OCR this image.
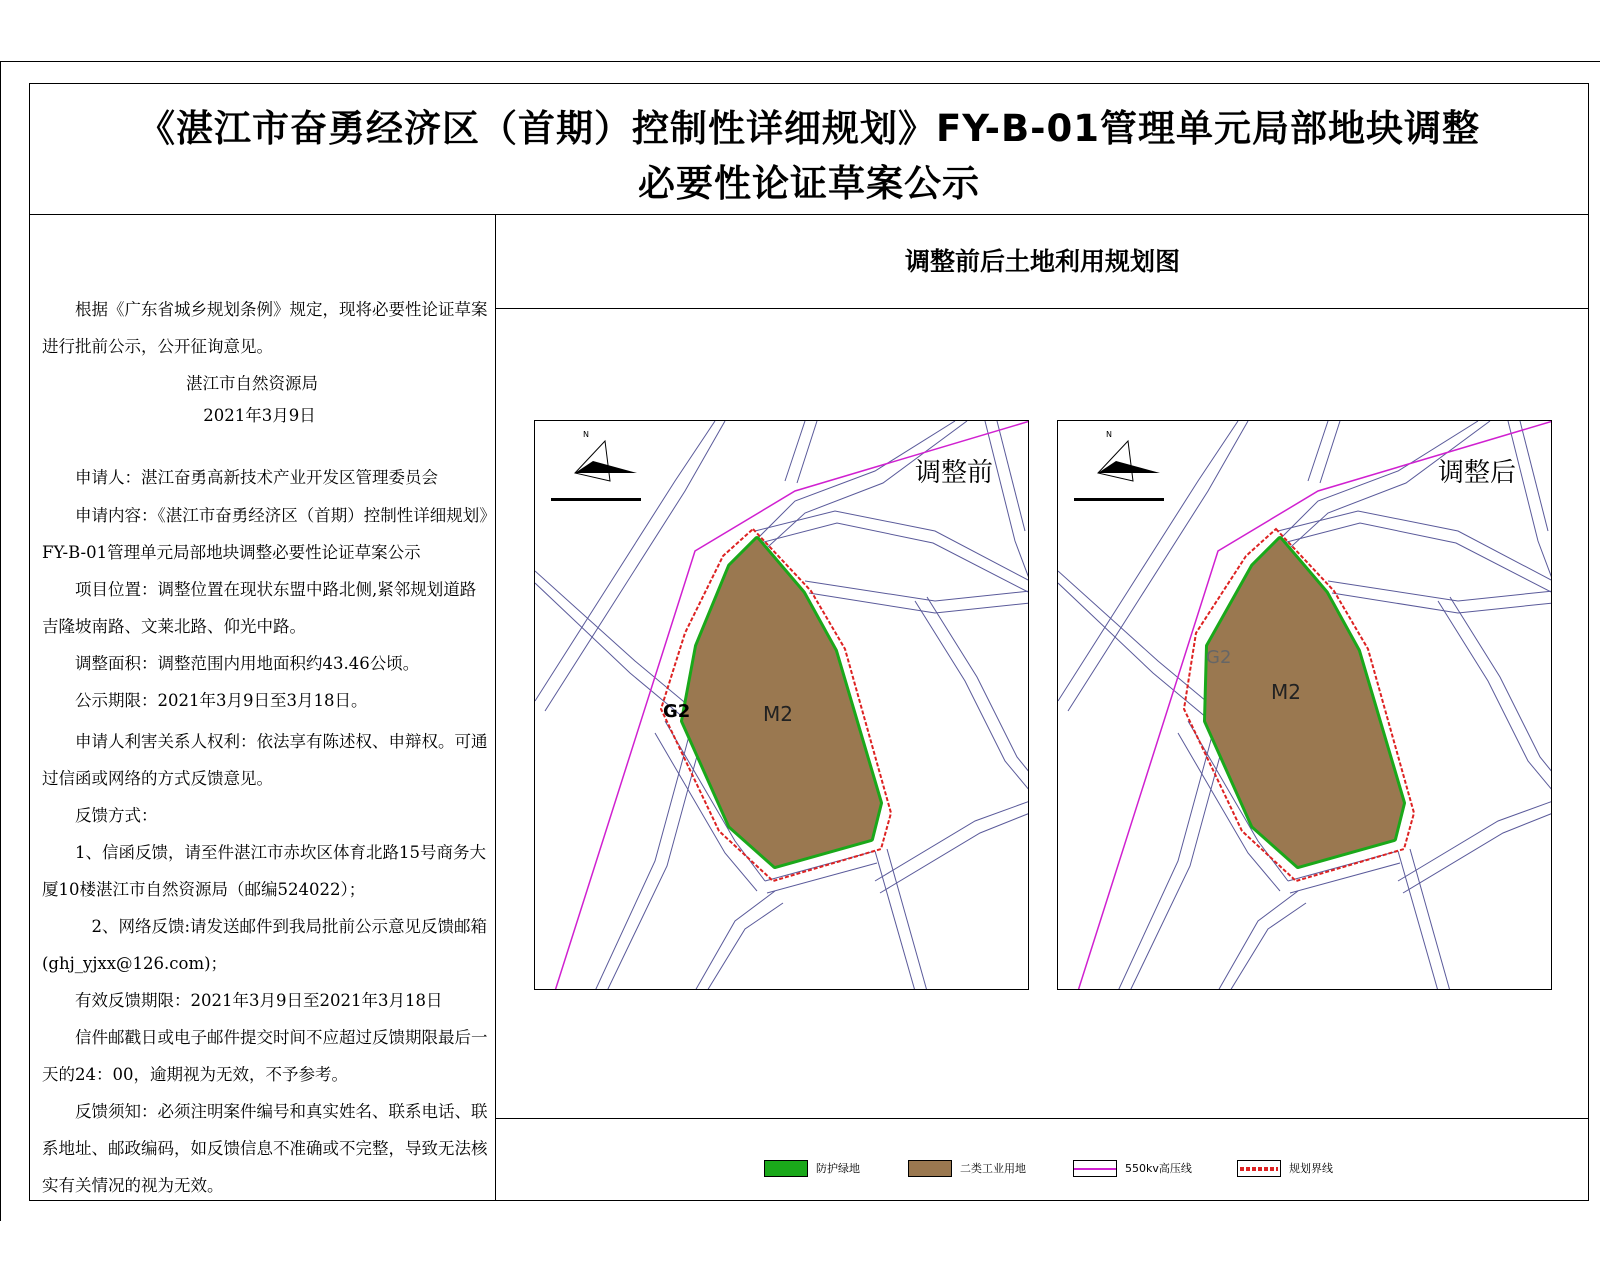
《湛江市奋勇经济区（首期）控制性详细规划》FY-B-01管理单元局部地块调整
必要性论证草案公示
根据《广东省城乡规划条例》规定，现将必要性论证草案进行批前公示，公开征询意见。
湛江市自然资源局
2021年3月9日
申请人：湛江奋勇高新技术产业开发区管理委员会
申请内容：《湛江市奋勇经济区（首期）控制性详细规划》FY-B-01管理单元局部地块调整必要性论证草案公示
项目位置：调整位置在现状东盟中路北侧,紧邻规划道路吉隆坡南路、文莱北路、仰光中路。
调整面积：调整范围内用地面积约43.46公顷。
公示期限：2021年3月9日至3月18日。
申请人利害关系人权利：依法享有陈述权、申辩权。可通过信函或网络的方式反馈意见。
反馈方式：
1、信函反馈，请至件湛江市赤坎区体育北路15号商务大厦10楼湛江市自然资源局（邮编524022）；
2、网络反馈:请发送邮件到我局批前公示意见反馈邮箱(ghj_yjxx@126.com)；
有效反馈期限：2021年3月9日至2021年3月18日
信件邮戳日或电子邮件提交时间不应超过反馈期限最后一天的24：00，逾期视为无效，不予参考。
反馈须知：必须注明案件编号和真实姓名、联系电话、联系地址、邮政编码，如反馈信息不准确或不完整，导致无法核实有关情况的视为无效。
调整前后土地利用规划图
N
调整前
M2
G2
N
调整后
M2
G2
防护绿地	二类工业用地	550kv高压线	规划界线
